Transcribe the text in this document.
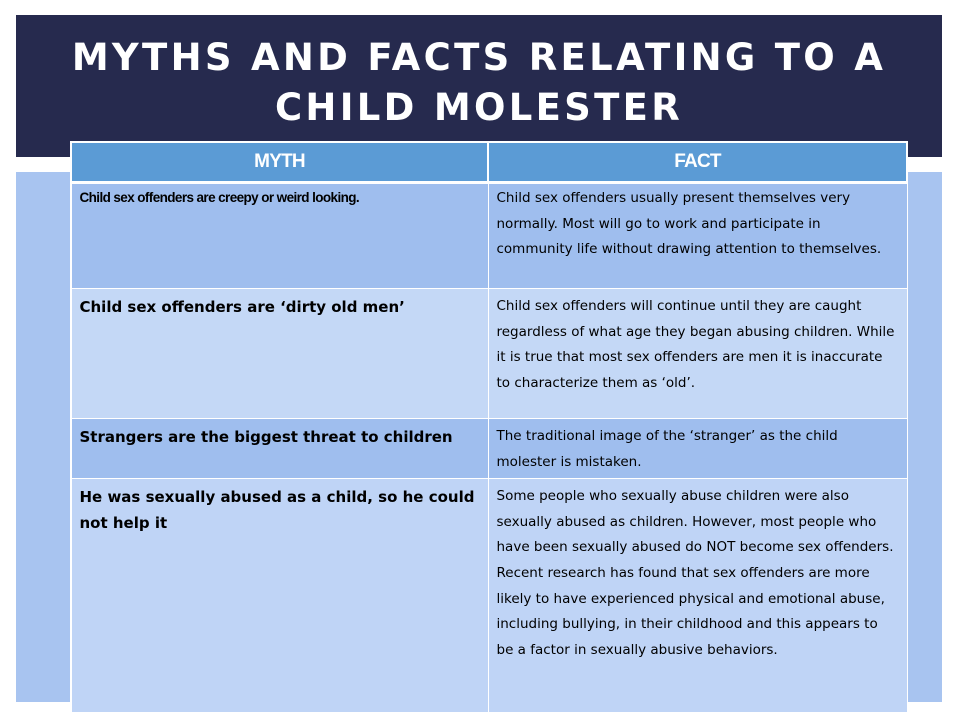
MYTHS AND FACTS RELATING TO A CHILD MOLESTER
MYTH	FACT
Child sex offenders are creepy or weird looking.	Child sex offenders usually present themselves very normally. Most will go to work and participate in community life without drawing attention to themselves.
Child sex offenders are ‘dirty old men’	Child sex offenders will continue until they are caught regardless of what age they began abusing children. While it is true that most sex offenders are men it is inaccurate to characterize them as ‘old’.
Strangers are the biggest threat to children	The traditional image of the ‘stranger’ as the child molester is mistaken.
He was sexually abused as a child, so he could not help it	Some people who sexually abuse children were also sexually abused as children. However, most people who have been sexually abused do NOT become sex offenders. Recent research has found that sex offenders are more likely to have experienced physical and emotional abuse, including bullying, in their childhood and this appears to be a factor in sexually abusive behaviors.
